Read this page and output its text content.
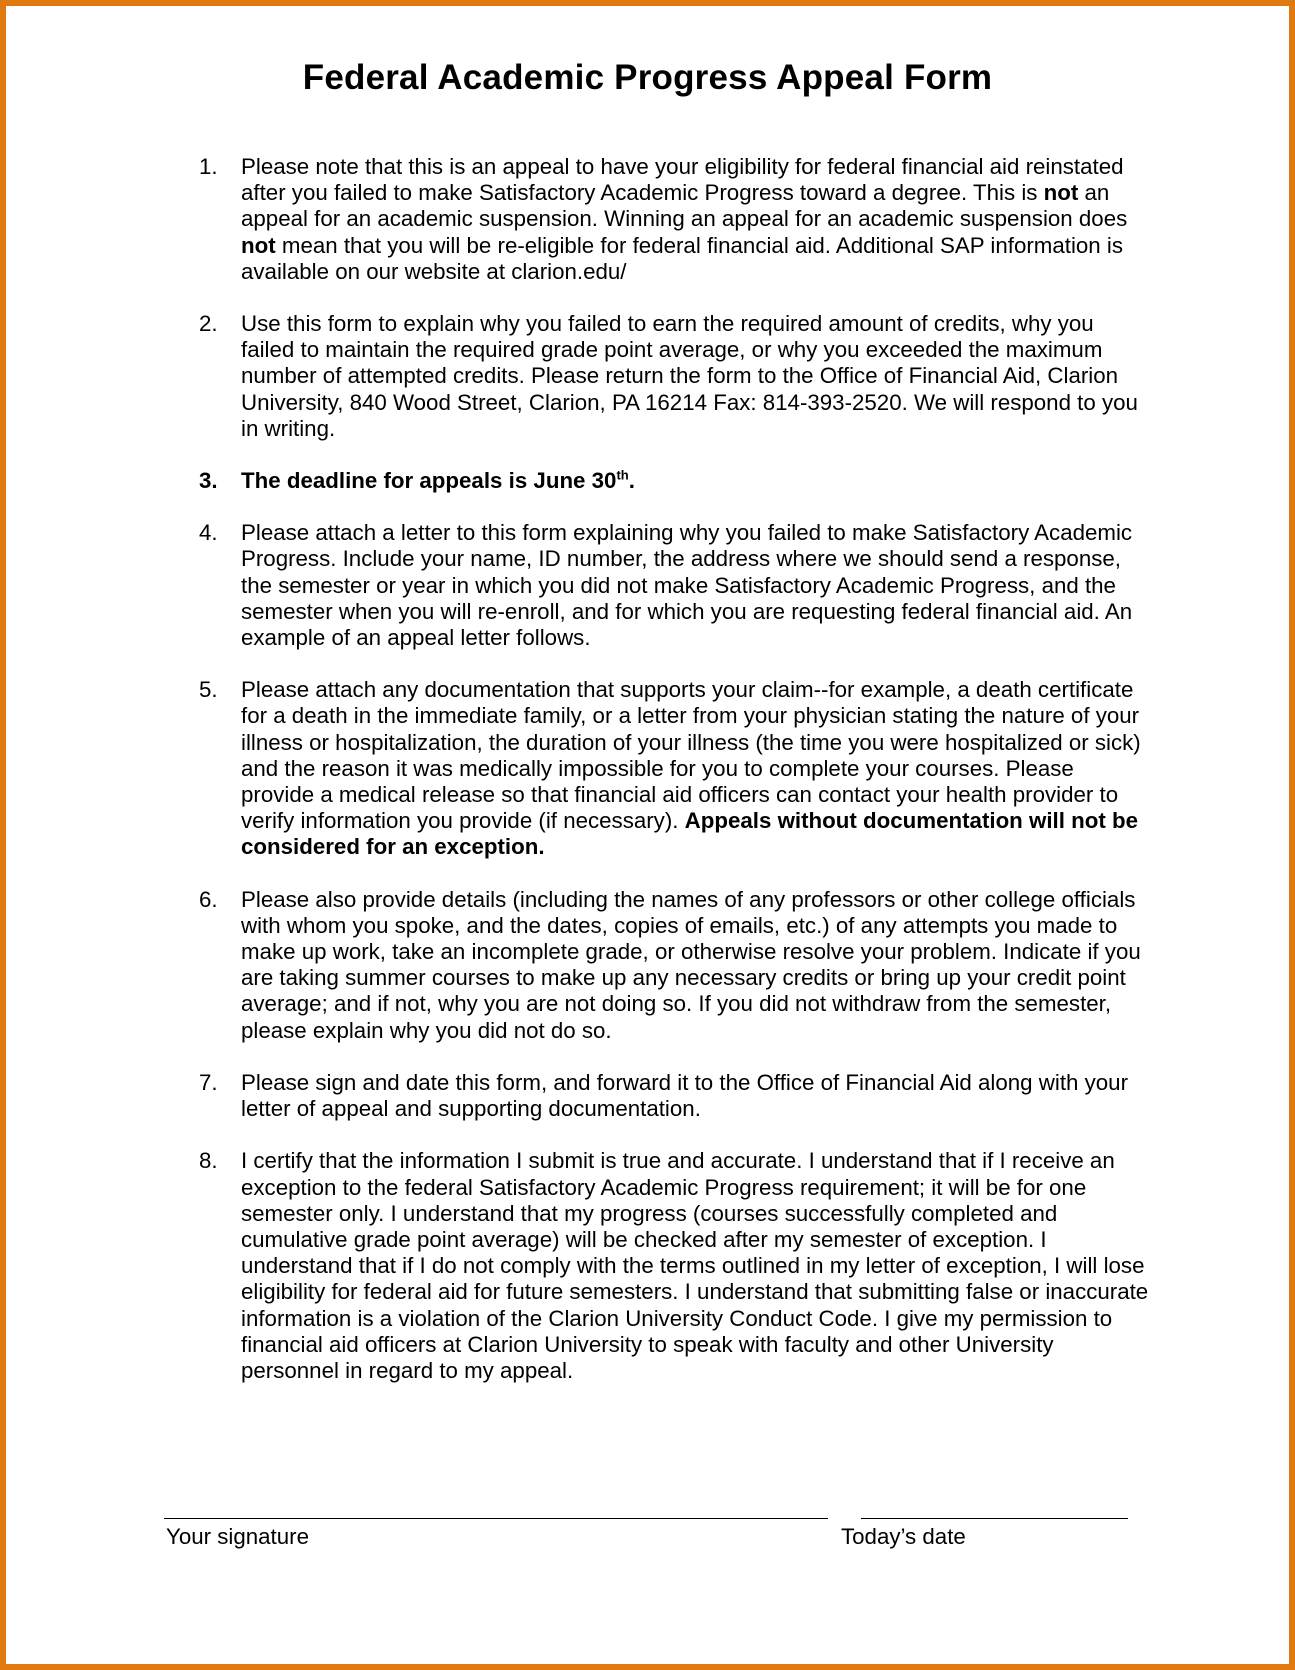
Federal Academic Progress Appeal Form
1. Please note that this is an appeal to have your eligibility for federal financial aid reinstated after you failed to make Satisfactory Academic Progress toward a degree. This is not an appeal for an academic suspension. Winning an appeal for an academic suspension does not mean that you will be re-eligible for federal financial aid. Additional SAP information is available on our website at clarion.edu/
2. Use this form to explain why you failed to earn the required amount of credits, why you failed to maintain the required grade point average, or why you exceeded the maximum number of attempted credits. Please return the form to the Office of Financial Aid, Clarion University, 840 Wood Street, Clarion, PA 16214 Fax: 814-393-2520. We will respond to you in writing.
3. The deadline for appeals is June 30th.
4. Please attach a letter to this form explaining why you failed to make Satisfactory Academic Progress. Include your name, ID number, the address where we should send a response, the semester or year in which you did not make Satisfactory Academic Progress, and the semester when you will re-enroll, and for which you are requesting federal financial aid. An example of an appeal letter follows.
5. Please attach any documentation that supports your claim--for example, a death certificate for a death in the immediate family, or a letter from your physician stating the nature of your illness or hospitalization, the duration of your illness (the time you were hospitalized or sick) and the reason it was medically impossible for you to complete your courses. Please provide a medical release so that financial aid officers can contact your health provider to verify information you provide (if necessary). Appeals without documentation will not be considered for an exception.
6. Please also provide details (including the names of any professors or other college officials with whom you spoke, and the dates, copies of emails, etc.) of any attempts you made to make up work, take an incomplete grade, or otherwise resolve your problem. Indicate if you are taking summer courses to make up any necessary credits or bring up your credit point average; and if not, why you are not doing so. If you did not withdraw from the semester, please explain why you did not do so.
7. Please sign and date this form, and forward it to the Office of Financial Aid along with your letter of appeal and supporting documentation.
8. I certify that the information I submit is true and accurate. I understand that if I receive an exception to the federal Satisfactory Academic Progress requirement; it will be for one semester only. I understand that my progress (courses successfully completed and cumulative grade point average) will be checked after my semester of exception. I understand that if I do not comply with the terms outlined in my letter of exception, I will lose eligibility for federal aid for future semesters. I understand that submitting false or inaccurate information is a violation of the Clarion University Conduct Code. I give my permission to financial aid officers at Clarion University to speak with faculty and other University personnel in regard to my appeal.
Your signature	Today’s date
